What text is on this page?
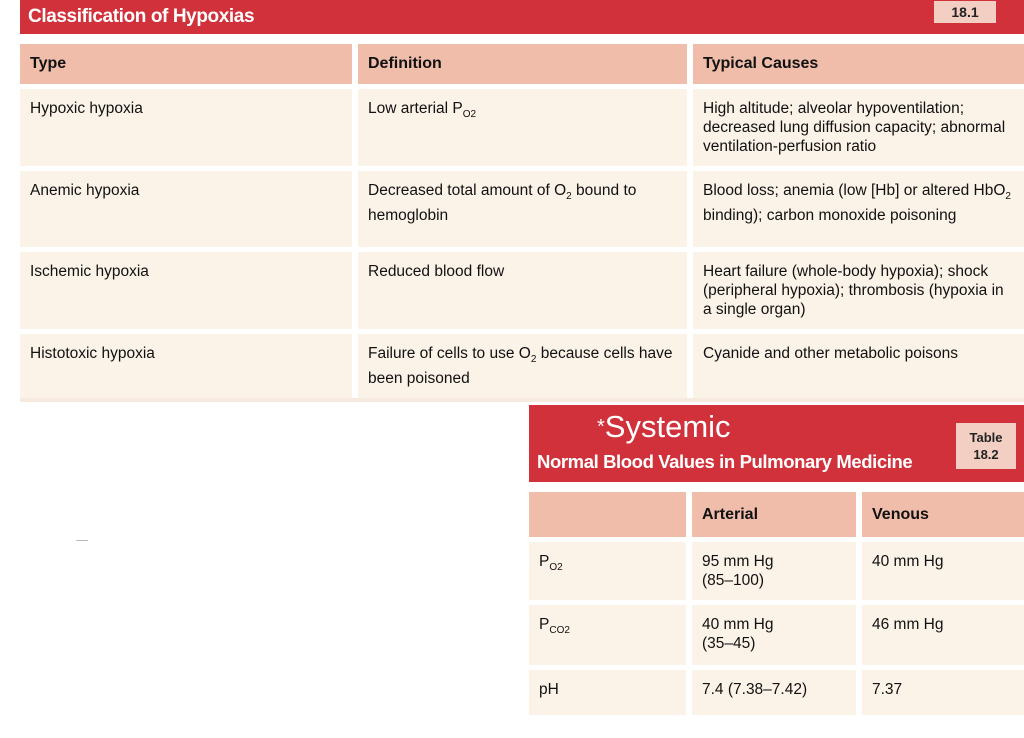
Classification of Hypoxias	18.1
Type	Definition	Typical Causes
Hypoxic hypoxia	Low arterial $P_{O2}$	High altitude; alveolar hypoventilation; decreased lung diffusion capacity; abnormal ventilation-perfusion ratio
Anemic hypoxia	Decreased total amount of $O_2$ bound to hemoglobin	Blood loss; anemia (low [Hb] or altered HbO$_2$ binding); carbon monoxide poisoning
Ischemic hypoxia	Reduced blood flow	Heart failure (whole-body hypoxia); shock (peripheral hypoxia); thrombosis (hypoxia in a single organ)
Histotoxic hypoxia	Failure of cells to use $O_2$ because cells have been poisoned	Cyanide and other metabolic poisons
*Systemic
Normal Blood Values in Pulmonary Medicine
Table
18.2
	Arterial	Venous
$P_{O2}$	95 mm Hg (85–100)	40 mm Hg
$P_{CO2}$	40 mm Hg (35–45)	46 mm Hg
pH	7.4 (7.38–7.42)	7.37
